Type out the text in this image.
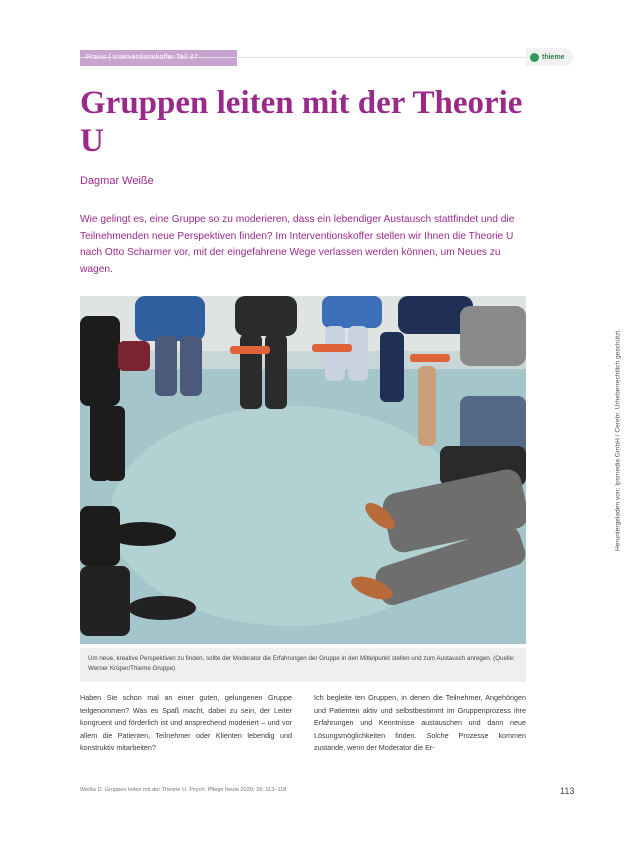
thieme
Gruppen leiten mit der Theorie U

Dagmar Weiße

Wie gelingt es, eine Gruppe so zu moderieren, dass ein lebendiger Austausch stattfindet und die Teilnehmenden neue Perspektiven finden? Im Interventionskoffer stellen wir Ihnen die Theorie U nach Otto Scharmer vor, mit der eingefahrene Wege verlassen werden können, um Neues zu wagen.

Um neue, kreative Perspektiven zu finden, sollte der Moderator die Erfahrungen der Gruppe in den Mittelpunkt stellen und zum Austausch anregen. (Quelle: Werner Krüper/Thieme Gruppe)

Haben Sie schon mal an einer guten, gelungenen Gruppe teilgenommen? Was es Spaß macht, dabei zu sein, der Leiter kongruent und förderlich ist und ansprechend moderiert – und vor allem die Patienten, Teilnehmer oder Klienten lebendig und konstruktiv mitarbeiten?

Ich begleite ten Gruppen, in denen die Teilnehmer, Angehörigen und Patienten aktiv und selbstbestimmt im Gruppenprozess ihre Erfahrungen und Kenntnisse austauschen und dann neue Lösungsmöglichkeiten finden. Solche Prozesse kommen zustande, wenn der Moderator die Er-

Weiße D. Gruppen leiten mit der Theorie U. Psych. Pflege heute 2020; 26: 113–118	113
Heruntergeladen von: Ipsmedia GmbH / Cerebr. Urheberrechtlich geschützt.
